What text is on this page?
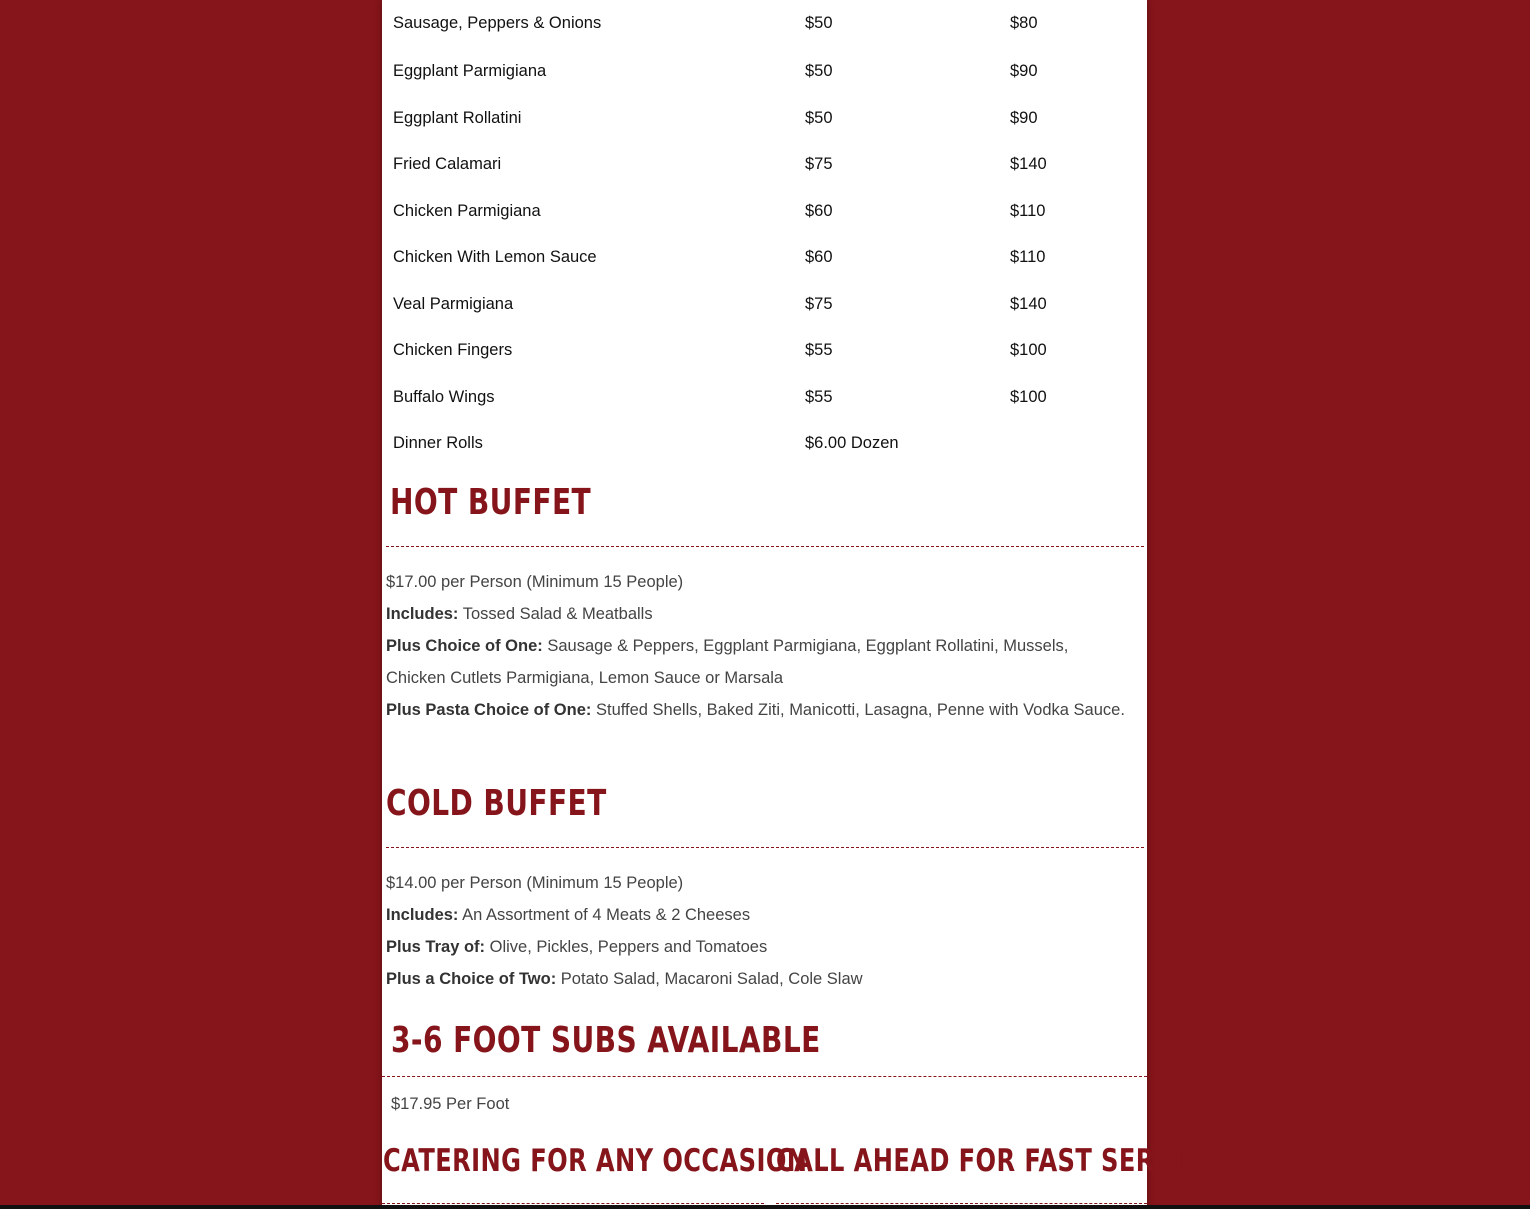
Sausage, Peppers & Onions	$50	$80
Eggplant Parmigiana	$50	$90
Eggplant Rollatini	$50	$90
Fried Calamari	$75	$140
Chicken Parmigiana	$60	$110
Chicken With Lemon Sauce	$60	$110
Veal Parmigiana	$75	$140
Chicken Fingers	$55	$100
Buffalo Wings	$55	$100
Dinner Rolls	$6.00 Dozen
HOT BUFFET

$17.00 per Person (Minimum 15 People)

Includes: Tossed Salad & Meatballs

Plus Choice of One: Sausage & Peppers, Eggplant Parmigiana, Eggplant Rollatini, Mussels, Chicken Cutlets Parmigiana, Lemon Sauce or Marsala

Plus Pasta Choice of One: Stuffed Shells, Baked Ziti, Manicotti, Lasagna, Penne with Vodka Sauce.

COLD BUFFET

$14.00 per Person (Minimum 15 People)

Includes: An Assortment of 4 Meats & 2 Cheeses

Plus Tray of: Olive, Pickles, Peppers and Tomatoes

Plus a Choice of Two: Potato Salad, Macaroni Salad, Cole Slaw

3-6 FOOT SUBS AVAILABLE
$17.95 Per Foot
CATERING FOR ANY OCCASION
CALL AHEAD FOR FAST SERVICE
